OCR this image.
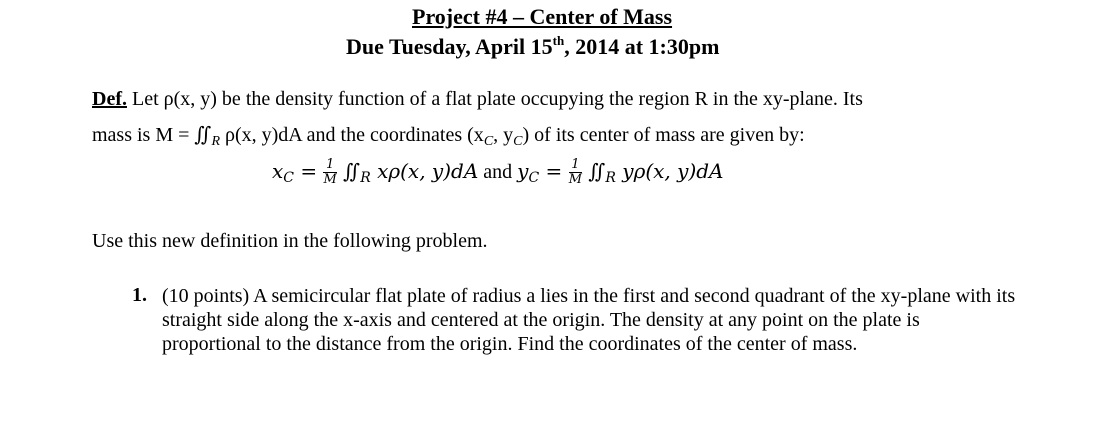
Project #4 – Center of Mass
Due Tuesday, April 15th, 2014 at 1:30pm
Def. Let ρ(x, y) be the density function of a flat plate occupying the region R in the xy-plane. Its
mass is $M = ∬_R$ ρ(x, y)dA and the coordinates ($x_C$, $y_C$) of its center of mass are given by:
$x_C = \frac{1}{M}$ $∬_R$ xρ(x, y)dA and $y_C = \frac{1}{M}$ $∬_R$ yρ(x, y)dA
Use this new definition in the following problem.
1. (10 points) A semicircular flat plate of radius a lies in the first and second quadrant of the xy-plane with its straight side along the x-axis and centered at the origin. The density at any point on the plate is proportional to the distance from the origin. Find the coordinates of the center of mass.
